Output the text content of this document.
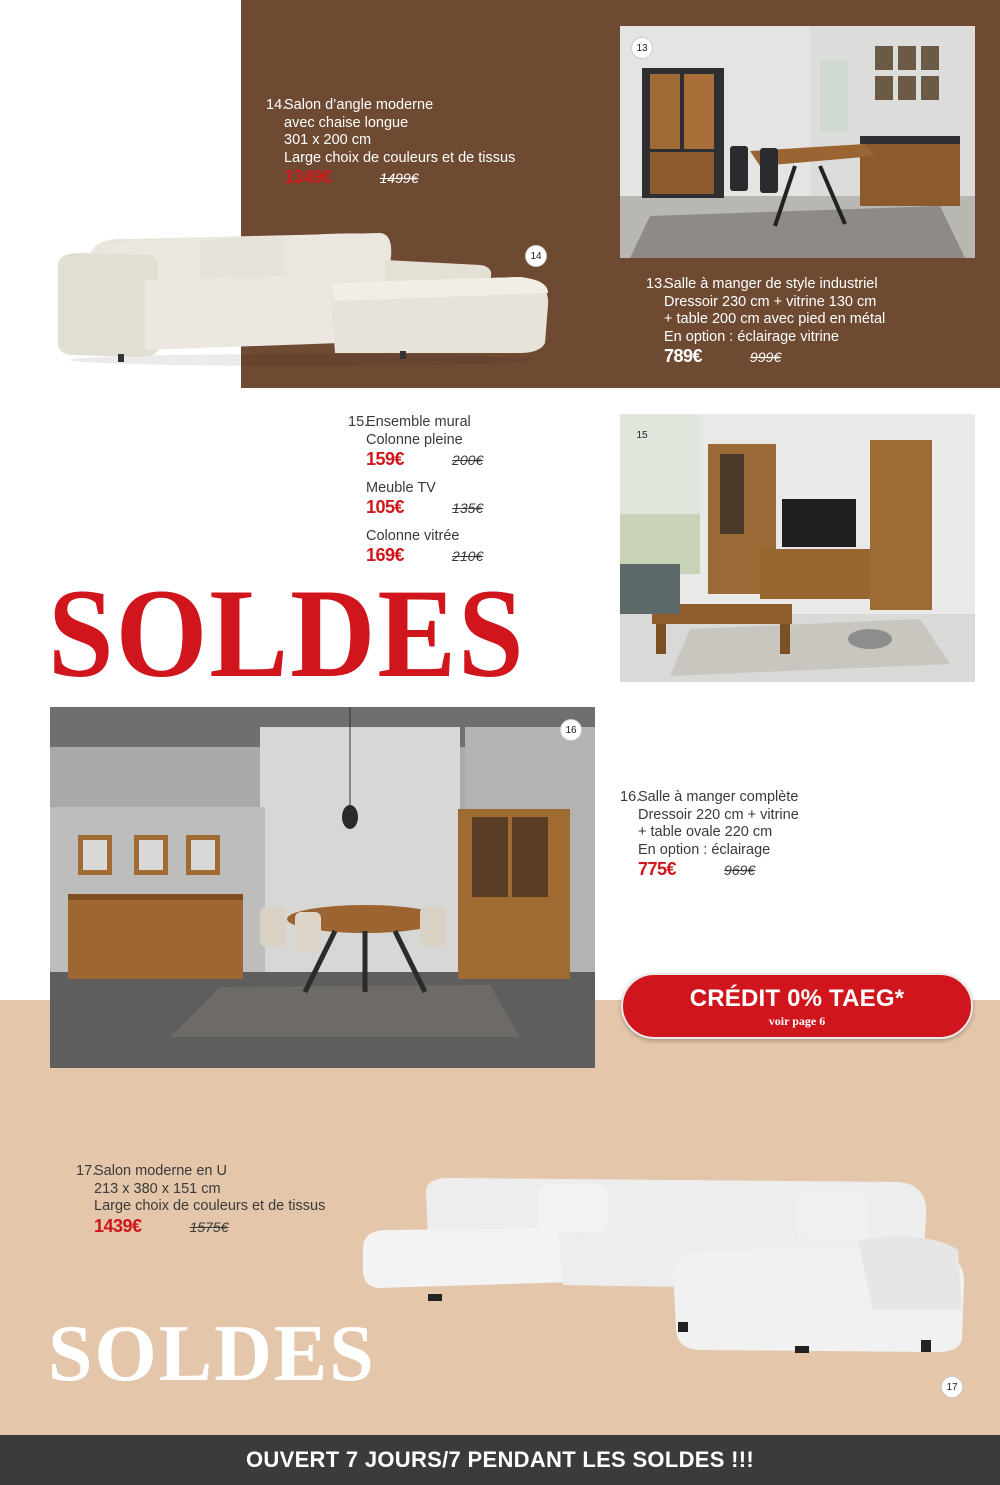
14.
Salon d’angle moderne
avec chaise longue
301 x 200 cm
Large choix de couleurs et de tissus
1349€	1499€
14
13
13.
Salle à manger de style industriel
Dressoir 230 cm + vitrine 130 cm
+ table 200 cm avec pied en métal
En option : éclairage vitrine
789€	999€
15.
Ensemble mural
Colonne pleine
159€	200€
Meuble TV
105€	135€
Colonne vitrée
169€	210€
15
SOLDES
16
16.
Salle à manger complète
Dressoir 220 cm + vitrine
+ table ovale 220 cm
En option : éclairage
775€	969€
CRÉDIT 0% TAEG*
voir page 6
17.
Salon moderne en U
213 x 380 x 151 cm
Large choix de couleurs et de tissus
1439€	1575€
SOLDES	17
OUVERT 7 JOURS/7 PENDANT LES SOLDES !!!
